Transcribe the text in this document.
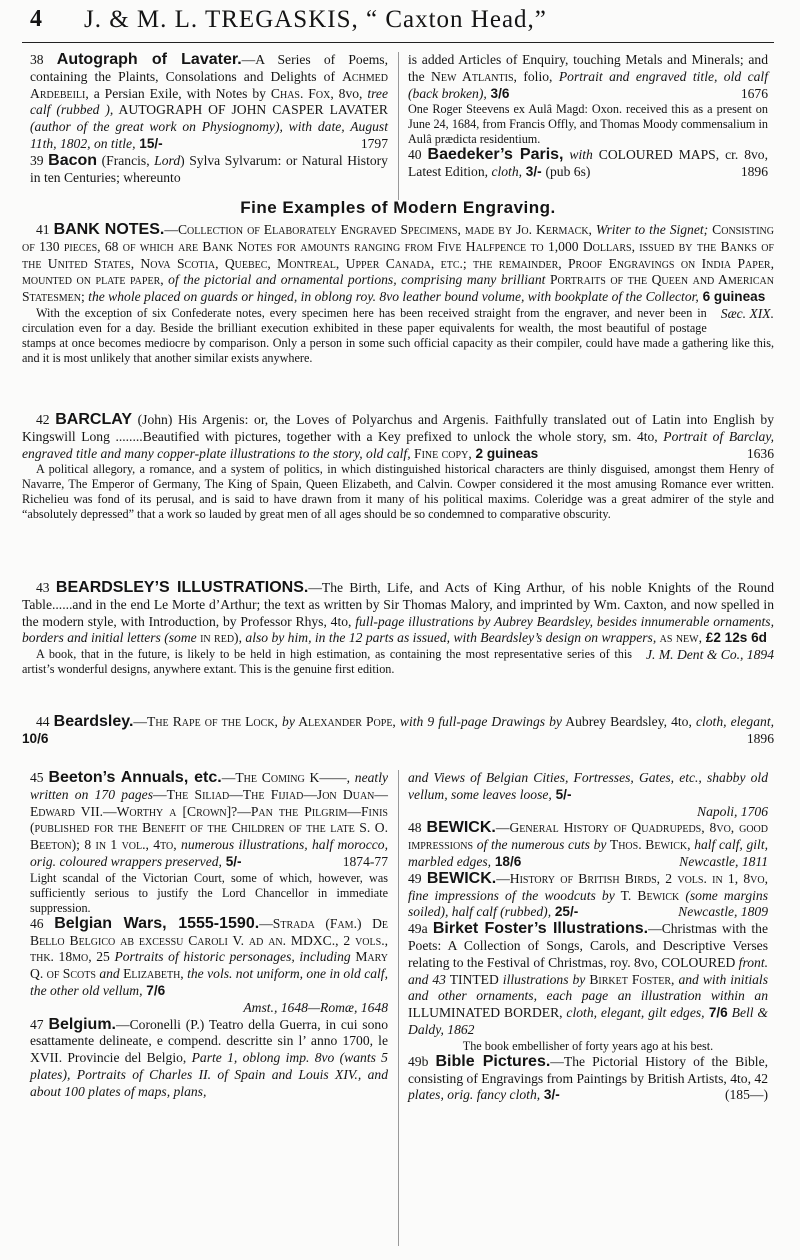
4 J. & M. L. TREGASKIS, “ Caxton Head,”

38 Autograph of Lavater.—A Series of Poems, containing the Plaints, Consolations and Delights of Achmed Ardebeili, a Persian Exile, with Notes by Chas. Fox, 8vo, tree calf (rubbed ), AUTOGRAPH OF JOHN CASPER LAVATER (author of the great work on Physiognomy), with date, August 11th, 1802, on title, 15/-	1797

39 Bacon (Francis, Lord) Sylva Sylvarum: or Natural History in ten Centuries; whereunto

is added Articles of Enquiry, touching Metals and Minerals; and the New Atlantis, folio, Portrait and engraved title, old calf (back broken), 3/6	1676

One Roger Steevens ex Aulâ Magd: Oxon. received this as a present on June 24, 1684, from Francis Offly, and Thomas Moody commensalium in Aulâ prædicta residentium.

40 Baedeker’s Paris, with COLOURED MAPS, cr. 8vo, Latest Edition, cloth, 3/- (pub 6s)	1896

Fine Examples of Modern Engraving.

41 BANK NOTES.—Collection of Elaborately Engraved Specimens, made by Jo. Kermack, Writer to the Signet; Consisting of 130 pieces, 68 of which are Bank Notes for amounts ranging from Five Halfpence to 1,000 Dollars, issued by the Banks of the United States, Nova Scotia, Quebec, Montreal, Upper Canada, etc.; the remainder, Proof Engravings on India Paper, mounted on plate paper, of the pictorial and ornamental portions, comprising many brilliant Portraits of the Queen and American Statesmen; the whole placed on guards or hinged, in oblong roy. 8vo leather bound volume, with bookplate of the Collector, 6 guineas
Sæc. XIX.

With the exception of six Confederate notes, every specimen here has been received straight from the engraver, and never been in circulation even for a day. Beside the brilliant execution exhibited in these paper equivalents for wealth, the most beautiful of postage stamps at once becomes mediocre by comparison. Only a person in some such official capacity as their compiler, could have made a gathering like this, and it is most unlikely that another similar exists anywhere.

42 BARCLAY (John) His Argenis: or, the Loves of Polyarchus and Argenis. Faithfully translated out of Latin into English by Kingswill Long ........Beautified with pictures, together with a Key prefixed to unlock the whole story, sm. 4to, Portrait of Barclay, engraved title and many copper-plate illustrations to the story, old calf, Fine copy, 2 guineas	1636

A political allegory, a romance, and a system of politics, in which distinguished historical characters are thinly disguised, amongst them Henry of Navarre, The Emperor of Germany, The King of Spain, Queen Elizabeth, and Calvin. Cowper considered it the most amusing Romance ever written. Richelieu was fond of its perusal, and is said to have drawn from it many of his political maxims. Coleridge was a great admirer of the style and “absolutely depressed” that a work so lauded by great men of all ages should be so condemned to comparative obscurity.

43 BEARDSLEY’S ILLUSTRATIONS.—The Birth, Life, and Acts of King Arthur, of his noble Knights of the Round Table......and in the end Le Morte d’Arthur; the text as written by Sir Thomas Malory, and imprinted by Wm. Caxton, and now spelled in the modern style, with Introduction, by Professor Rhys, 4to, full-page illustrations by Aubrey Beardsley, besides innumerable ornaments, borders and initial letters (some in red), also by him, in the 12 parts as issued, with Beardsley’s design on wrappers, as new, £2 12s 6d
J. M. Dent & Co., 1894

A book, that in the future, is likely to be held in high estimation, as containing the most representative series of this artist’s wonderful designs, anywhere extant. This is the genuine first edition.

44 Beardsley.—The Rape of the Lock, by Alexander Pope, with 9 full-page Drawings by Aubrey Beardsley, 4to, cloth, elegant, 10/6	1896

45 Beeton’s Annuals, etc.—The Coming K——, neatly written on 170 pages—The Siliad—The Fijiad—Jon Duan—Edward VII.—Worthy a [Crown]?—Pan the Pilgrim—Finis (published for the Benefit of the Children of the late S. O. Beeton); 8 in 1 vol., 4to, numerous illustrations, half morocco, orig. coloured wrappers preserved, 5/-	1874-77

Light scandal of the Victorian Court, some of which, however, was sufficiently serious to justify the Lord Chancellor in immediate suppression.

46 Belgian Wars, 1555-1590.—Strada (Fam.) De Bello Belgico ab excessu Caroli V. ad an. MDXC., 2 vols., thk. 18mo, 25 Portraits of historic personages, including Mary Q. of Scots and Elizabeth, the vols. not uniform, one in old calf, the other old vellum, 7/6

Amst., 1648—Romæ, 1648

47 Belgium.—Coronelli (P.) Teatro della Guerra, in cui sono esattamente delineate, e compend. descritte sin l’ anno 1700, le XVII. Provincie del Belgio, Parte 1, oblong imp. 8vo (wants 5 plates), Portraits of Charles II. of Spain and Louis XIV., and about 100 plates of maps, plans,

and Views of Belgian Cities, Fortresses, Gates, etc., shabby old vellum, some leaves loose, 5/-

Napoli, 1706

48 BEWICK.—General History of Quadrupeds, 8vo, good impressions of the numerous cuts by Thos. Bewick, half calf, gilt, marbled edges, 18/6	Newcastle, 1811

49 BEWICK.—History of British Birds, 2 vols. in 1, 8vo, fine impressions of the woodcuts by T. Bewick (some margins soiled), half calf (rubbed), 25/-	Newcastle, 1809

49a Birket Foster’s Illustrations.—Christmas with the Poets: A Collection of Songs, Carols, and Descriptive Verses relating to the Festival of Christmas, roy. 8vo, COLOURED front. and 43 TINTED illustrations by Birket Foster, and with initials and other ornaments, each page an illustration within an ILLUMINATED BORDER, cloth, elegant, gilt edges, 7/6 Bell & Daldy, 1862

The book embellisher of forty years ago at his best.

49b Bible Pictures.—The Pictorial History of the Bible, consisting of Engravings from Paintings by British Artists, 4to, 42 plates, orig. fancy cloth, 3/-	(185—)
